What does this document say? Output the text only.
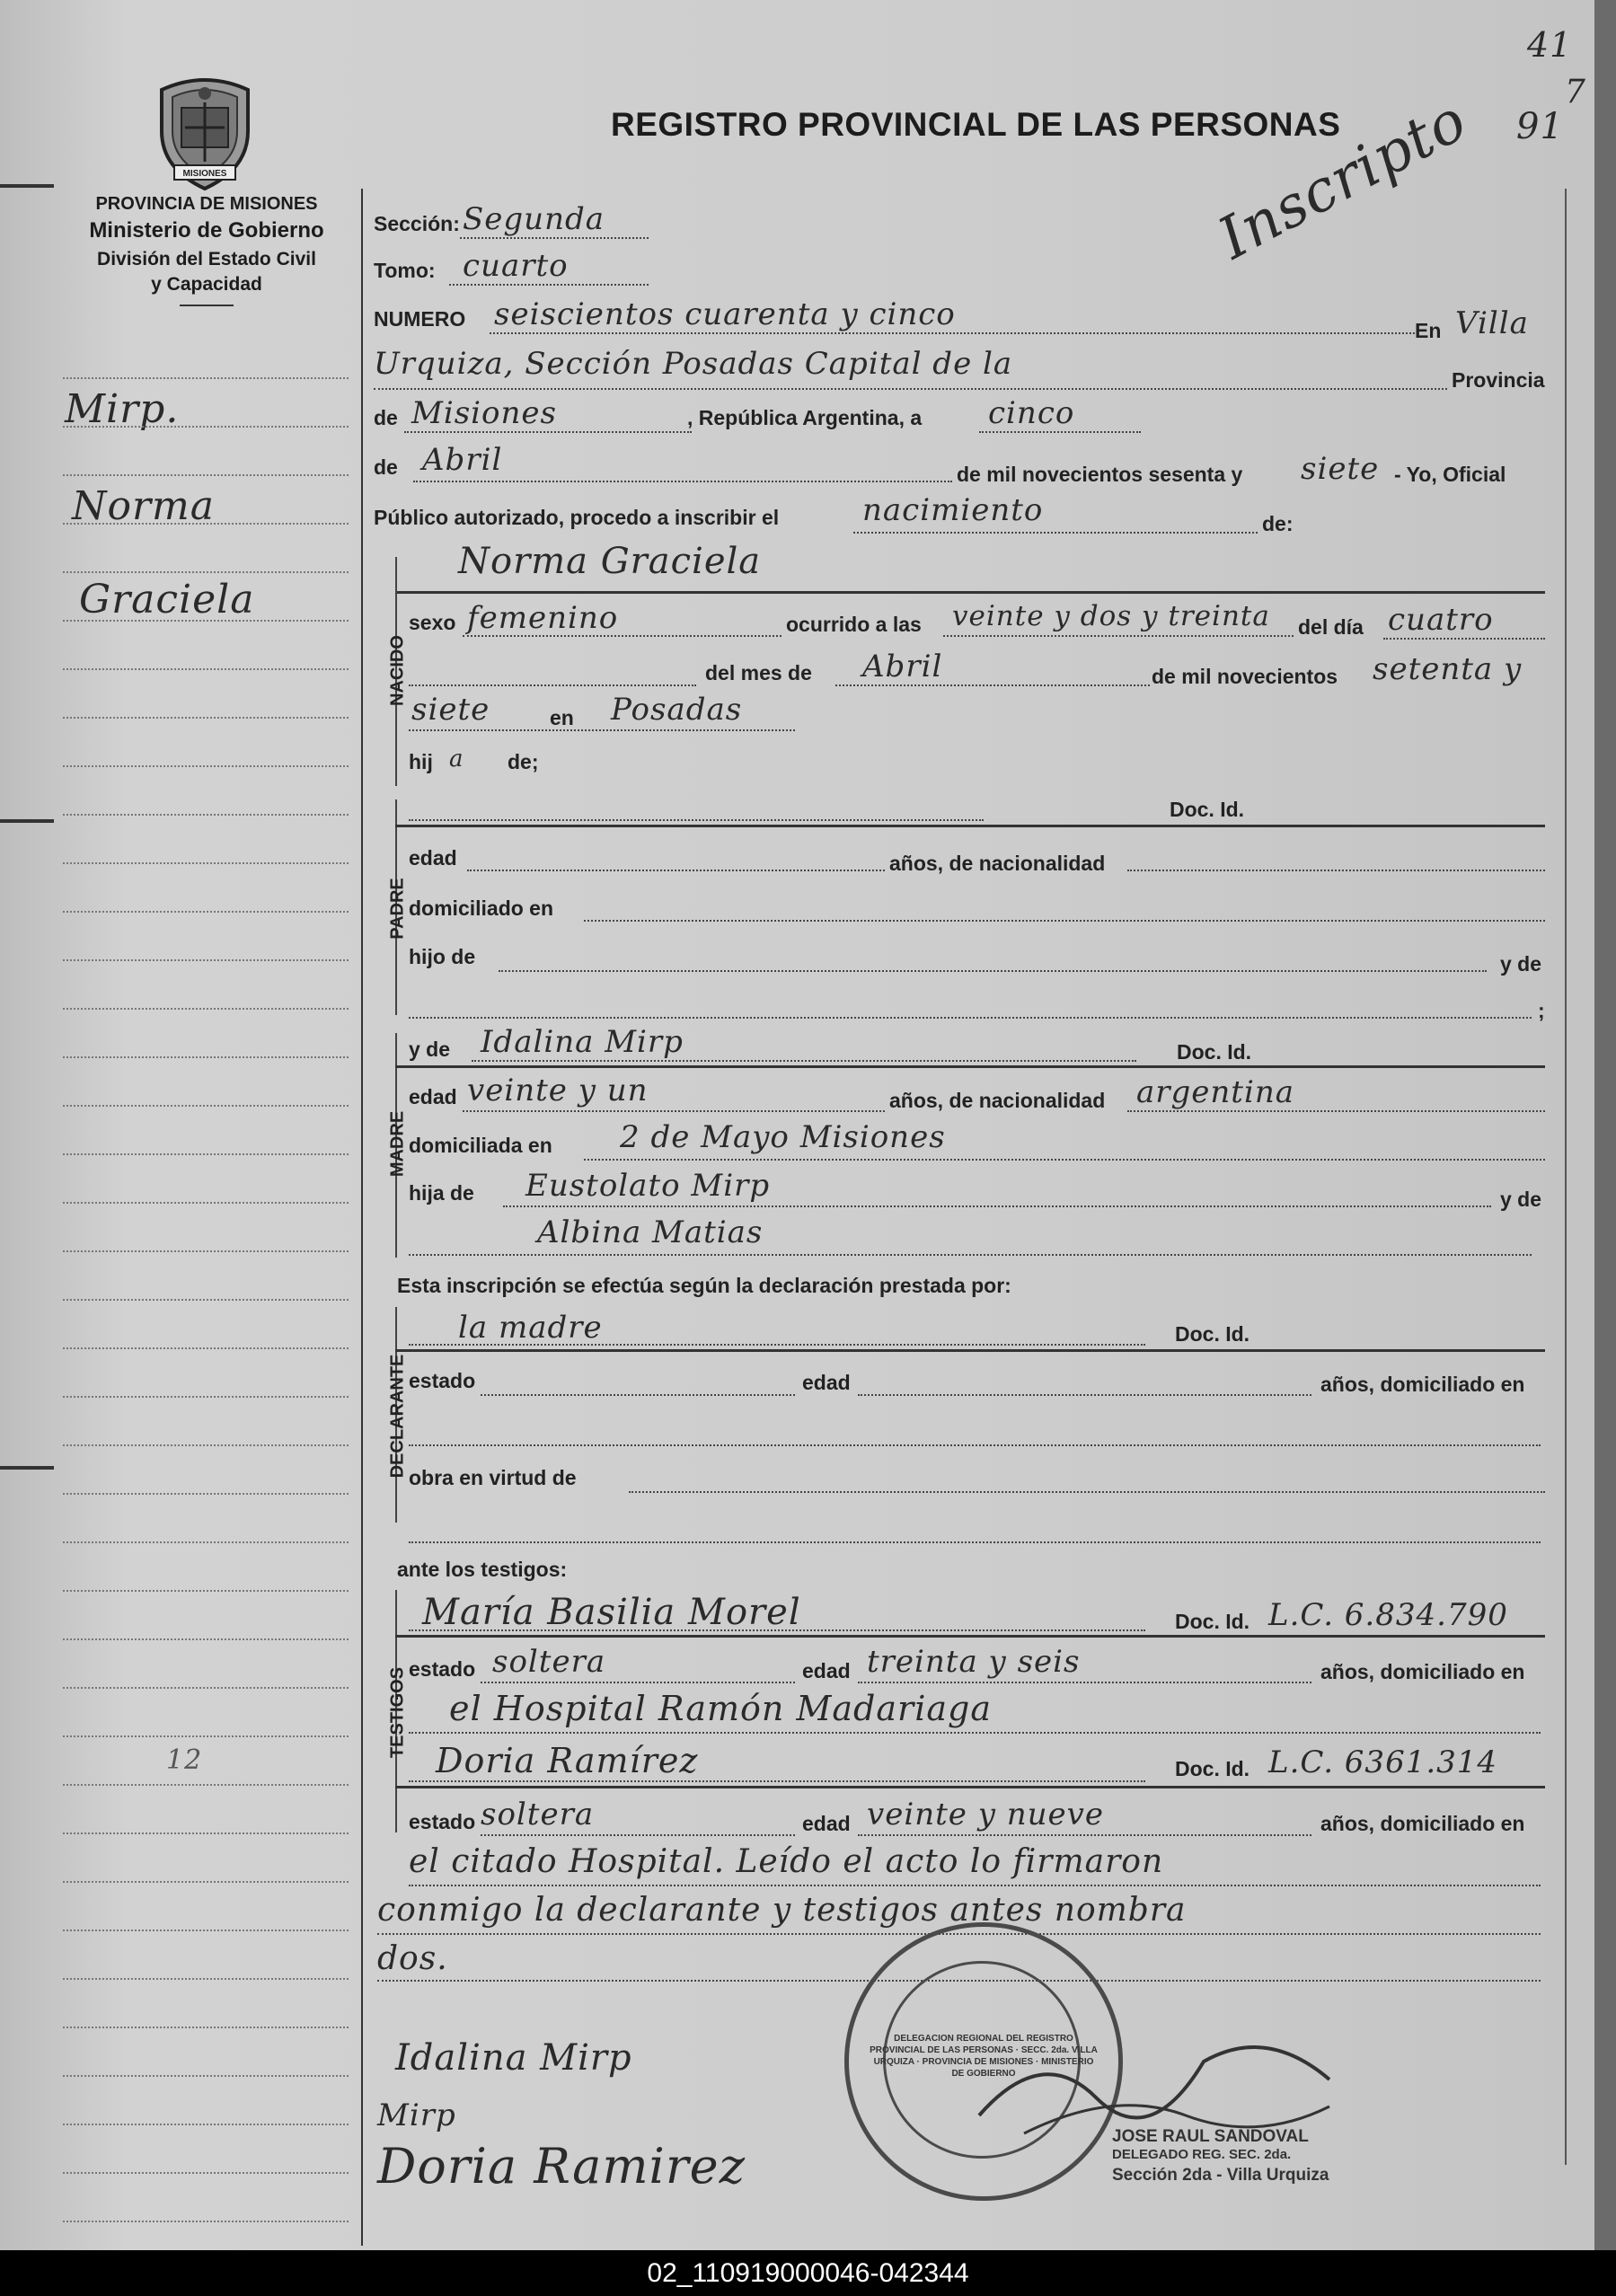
REGISTRO PROVINCIAL DE LAS PERSONAS	91
41
7
Inscripto
MISIONES
PROVINCIA DE MISIONES
Ministerio de Gobierno
División del Estado Civil
y Capacidad
Mirp.
Norma
Graciela
12
Sección: Segunda
Tomo: cuarto
NUMERO seiscientos cuarenta y cinco	En Villa
Urquiza, Sección Posadas Capital de la	Provincia
de Misiones	, República Argentina, a cinco
de Abril	de mil novecientos sesenta y siete - Yo, Oficial
Público autorizado, procedo a inscribir el	nacimiento	de:
NACIDO
Norma Graciela
sexo femenino	ocurrido a las veinte y dos y treinta del día cuatro
del mes de Abril	de mil novecientos setenta y
siete	en Posadas
hij a de;
PADRE
Doc. Id.
edad	años, de nacionalidad
domiciliado en
hijo de	y de
;
MADRE
y de Idalina Mirp	Doc. Id.
edad veinte y un	años, de nacionalidad argentina
domiciliada en 2 de Mayo Misiones
hija de Eustolato Mirp	y de
Albina Matias
Esta inscripción se efectúa según la declaración prestada por:
DECLARANTE
la madre	Doc. Id.
estado	edad	años, domiciliado en
obra en virtud de
ante los testigos:
TESTIGOS
María Basilia Morel	Doc. Id. L.C. 6.834.790
estado soltera	edad treinta y seis	años, domiciliado en
el Hospital Ramón Madariaga
Doria Ramírez	Doc. Id. L.C. 6361.314
estado soltera	edad veinte y nueve	años, domiciliado en
el citado Hospital. Leído el acto lo firmaron
conmigo la declarante y testigos antes nombra
dos.
Idalina Mirp
Mirp
Doria Ramirez
DELEGACION REGIONAL DEL REGISTRO PROVINCIAL DE LAS PERSONAS · SECC. 2da. VILLA URQUIZA · PROVINCIA DE MISIONES · MINISTERIO DE GOBIERNO
JOSE RAUL SANDOVAL
DELEGADO REG. SEC. 2da.
Sección 2da - Villa Urquiza
02_110919000046-042344
